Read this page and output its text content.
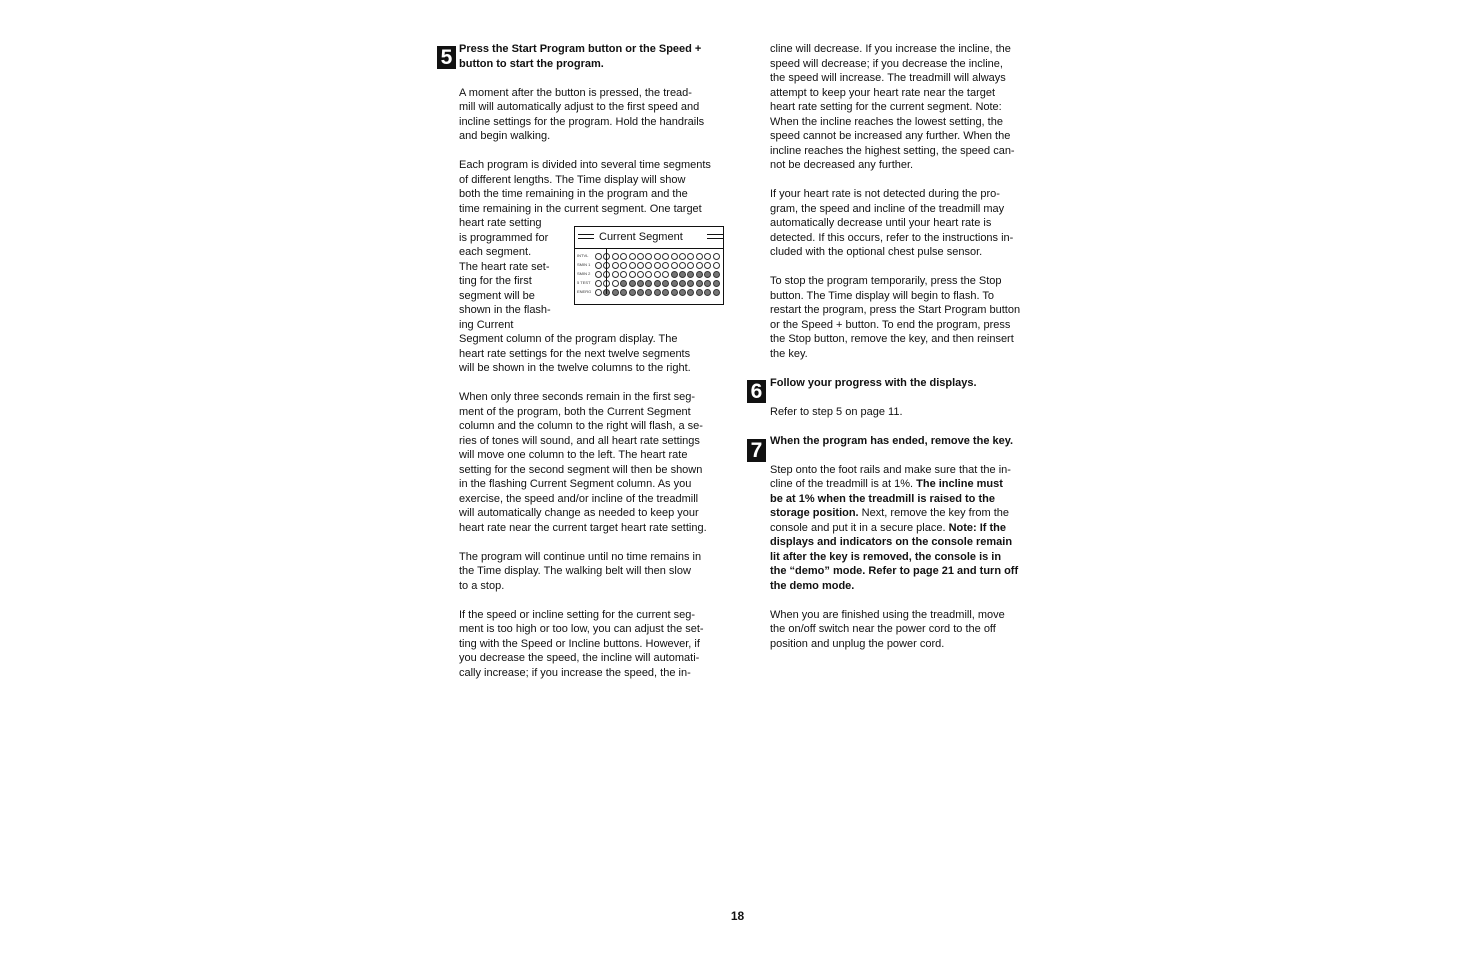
5
6
7

Press the Start Program button or the Speed +
button to start the program.

A moment after the button is pressed, the tread-
mill will automatically adjust to the first speed and
incline settings for the program. Hold the handrails
and begin walking.

Each program is divided into several time segments
of different lengths. The Time display will show
both the time remaining in the program and the
time remaining in the current segment. One target

heart rate setting
is programmed for
each segment.
The heart rate set-
ting for the first
segment will be
shown in the flash-
ing Current

Current Segment
INTVL
SMIN 1
SMIN 2
5 TEST
ENERG

Segment column of the program display. The
heart rate settings for the next twelve segments
will be shown in the twelve columns to the right.

When only three seconds remain in the first seg-
ment of the program, both the Current Segment
column and the column to the right will flash, a se-
ries of tones will sound, and all heart rate settings
will move one column to the left. The heart rate
setting for the second segment will then be shown
in the flashing Current Segment column. As you
exercise, the speed and/or incline of the treadmill
will automatically change as needed to keep your
heart rate near the current target heart rate setting.

The program will continue until no time remains in
the Time display. The walking belt will then slow
to a stop.

If the speed or incline setting for the current seg-
ment is too high or too low, you can adjust the set-
ting with the Speed or Incline buttons. However, if
you decrease the speed, the incline will automati-
cally increase; if you increase the speed, the in-

cline will decrease. If you increase the incline, the
speed will decrease; if you decrease the incline,
the speed will increase. The treadmill will always
attempt to keep your heart rate near the target
heart rate setting for the current segment. Note:
When the incline reaches the lowest setting, the
speed cannot be increased any further. When the
incline reaches the highest setting, the speed can-
not be decreased any further.

If your heart rate is not detected during the pro-
gram, the speed and incline of the treadmill may
automatically decrease until your heart rate is
detected. If this occurs, refer to the instructions in-
cluded with the optional chest pulse sensor.

To stop the program temporarily, press the Stop
button. The Time display will begin to flash. To
restart the program, press the Start Program button
or the Speed + button. To end the program, press
the Stop button, remove the key, and then reinsert
the key.

Follow your progress with the displays.

Refer to step 5 on page 11.

When the program has ended, remove the key.

Step onto the foot rails and make sure that the in-
cline of the treadmill is at 1%. The incline must
be at 1% when the treadmill is raised to the
storage position. Next, remove the key from the
console and put it in a secure place. Note: If the
displays and indicators on the console remain
lit after the key is removed, the console is in
the “demo” mode. Refer to page 21 and turn off
the demo mode.

When you are finished using the treadmill, move
the on/off switch near the power cord to the off
position and unplug the power cord.

18
